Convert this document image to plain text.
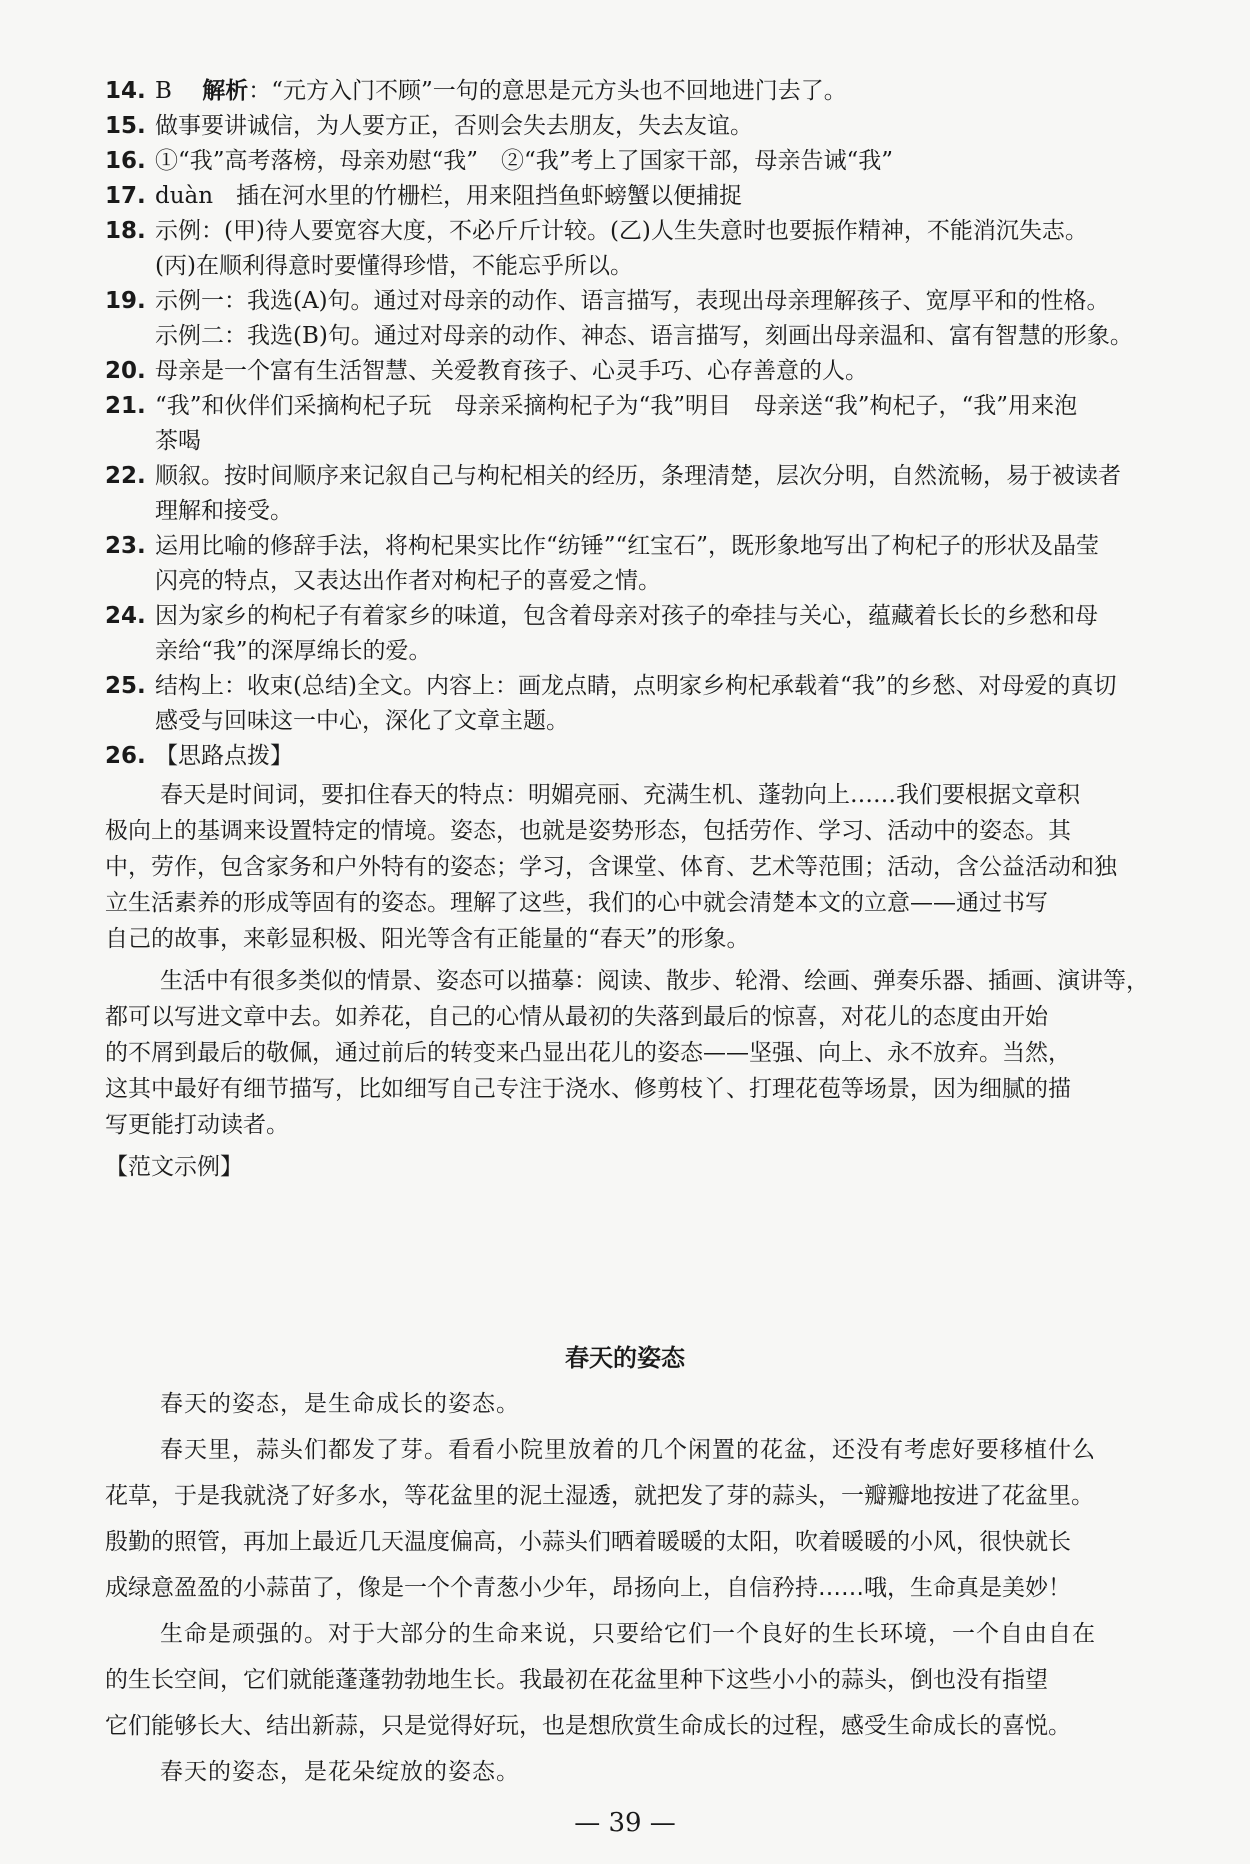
14. B　 解析：“元方入门不顾”一句的意思是元方头也不回地进门去了。
15. 做事要讲诚信，为人要方正，否则会失去朋友，失去友谊。
16. ①“我”高考落榜，母亲劝慰“我”　②“我”考上了国家干部，母亲告诫“我”
17. duàn　插在河水里的竹栅栏，用来阻挡鱼虾螃蟹以便捕捉
18. 示例：(甲)待人要宽容大度，不必斤斤计较。(乙)人生失意时也要振作精神，不能消沉失志。
(丙)在顺利得意时要懂得珍惜，不能忘乎所以。
19. 示例一：我选(A)句。通过对母亲的动作、语言描写，表现出母亲理解孩子、宽厚平和的性格。
示例二：我选(B)句。通过对母亲的动作、神态、语言描写，刻画出母亲温和、富有智慧的形象。
20. 母亲是一个富有生活智慧、关爱教育孩子、心灵手巧、心存善意的人。
21. “我”和伙伴们采摘枸杞子玩　母亲采摘枸杞子为“我”明目　母亲送“我”枸杞子，“我”用来泡
茶喝
22. 顺叙。按时间顺序来记叙自己与枸杞相关的经历，条理清楚，层次分明，自然流畅，易于被读者
理解和接受。
23. 运用比喻的修辞手法，将枸杞果实比作“纺锤”“红宝石”，既形象地写出了枸杞子的形状及晶莹
闪亮的特点，又表达出作者对枸杞子的喜爱之情。
24. 因为家乡的枸杞子有着家乡的味道，包含着母亲对孩子的牵挂与关心，蕴藏着长长的乡愁和母
亲给“我”的深厚绵长的爱。
25. 结构上：收束(总结)全文。内容上：画龙点睛，点明家乡枸杞承载着“我”的乡愁、对母爱的真切
感受与回味这一中心，深化了文章主题。
26. 【思路点拨】
春天是时间词，要扣住春天的特点：明媚亮丽、充满生机、蓬勃向上……我们要根据文章积
极向上的基调来设置特定的情境。姿态，也就是姿势形态，包括劳作、学习、活动中的姿态。其
中，劳作，包含家务和户外特有的姿态；学习，含课堂、体育、艺术等范围；活动，含公益活动和独
立生活素养的形成等固有的姿态。理解了这些，我们的心中就会清楚本文的立意——通过书写
自己的故事，来彰显积极、阳光等含有正能量的“春天”的形象。
生活中有很多类似的情景、姿态可以描摹：阅读、散步、轮滑、绘画、弹奏乐器、插画、演讲等，
都可以写进文章中去。如养花，自己的心情从最初的失落到最后的惊喜，对花儿的态度由开始
的不屑到最后的敬佩，通过前后的转变来凸显出花儿的姿态——坚强、向上、永不放弃。当然，
这其中最好有细节描写，比如细写自己专注于浇水、修剪枝丫、打理花苞等场景，因为细腻的描
写更能打动读者。
【范文示例】
春天的姿态
春天的姿态，是生命成长的姿态。
春天里，蒜头们都发了芽。看看小院里放着的几个闲置的花盆，还没有考虑好要移植什么
花草，于是我就浇了好多水，等花盆里的泥土湿透，就把发了芽的蒜头，一瓣瓣地按进了花盆里。
殷勤的照管，再加上最近几天温度偏高，小蒜头们晒着暖暖的太阳，吹着暖暖的小风，很快就长
成绿意盈盈的小蒜苗了，像是一个个青葱小少年，昂扬向上，自信矜持……哦，生命真是美妙！
生命是顽强的。对于大部分的生命来说，只要给它们一个良好的生长环境，一个自由自在
的生长空间，它们就能蓬蓬勃勃地生长。我最初在花盆里种下这些小小的蒜头，倒也没有指望
它们能够长大、结出新蒜，只是觉得好玩，也是想欣赏生命成长的过程，感受生命成长的喜悦。
春天的姿态，是花朵绽放的姿态。
— 39 —
